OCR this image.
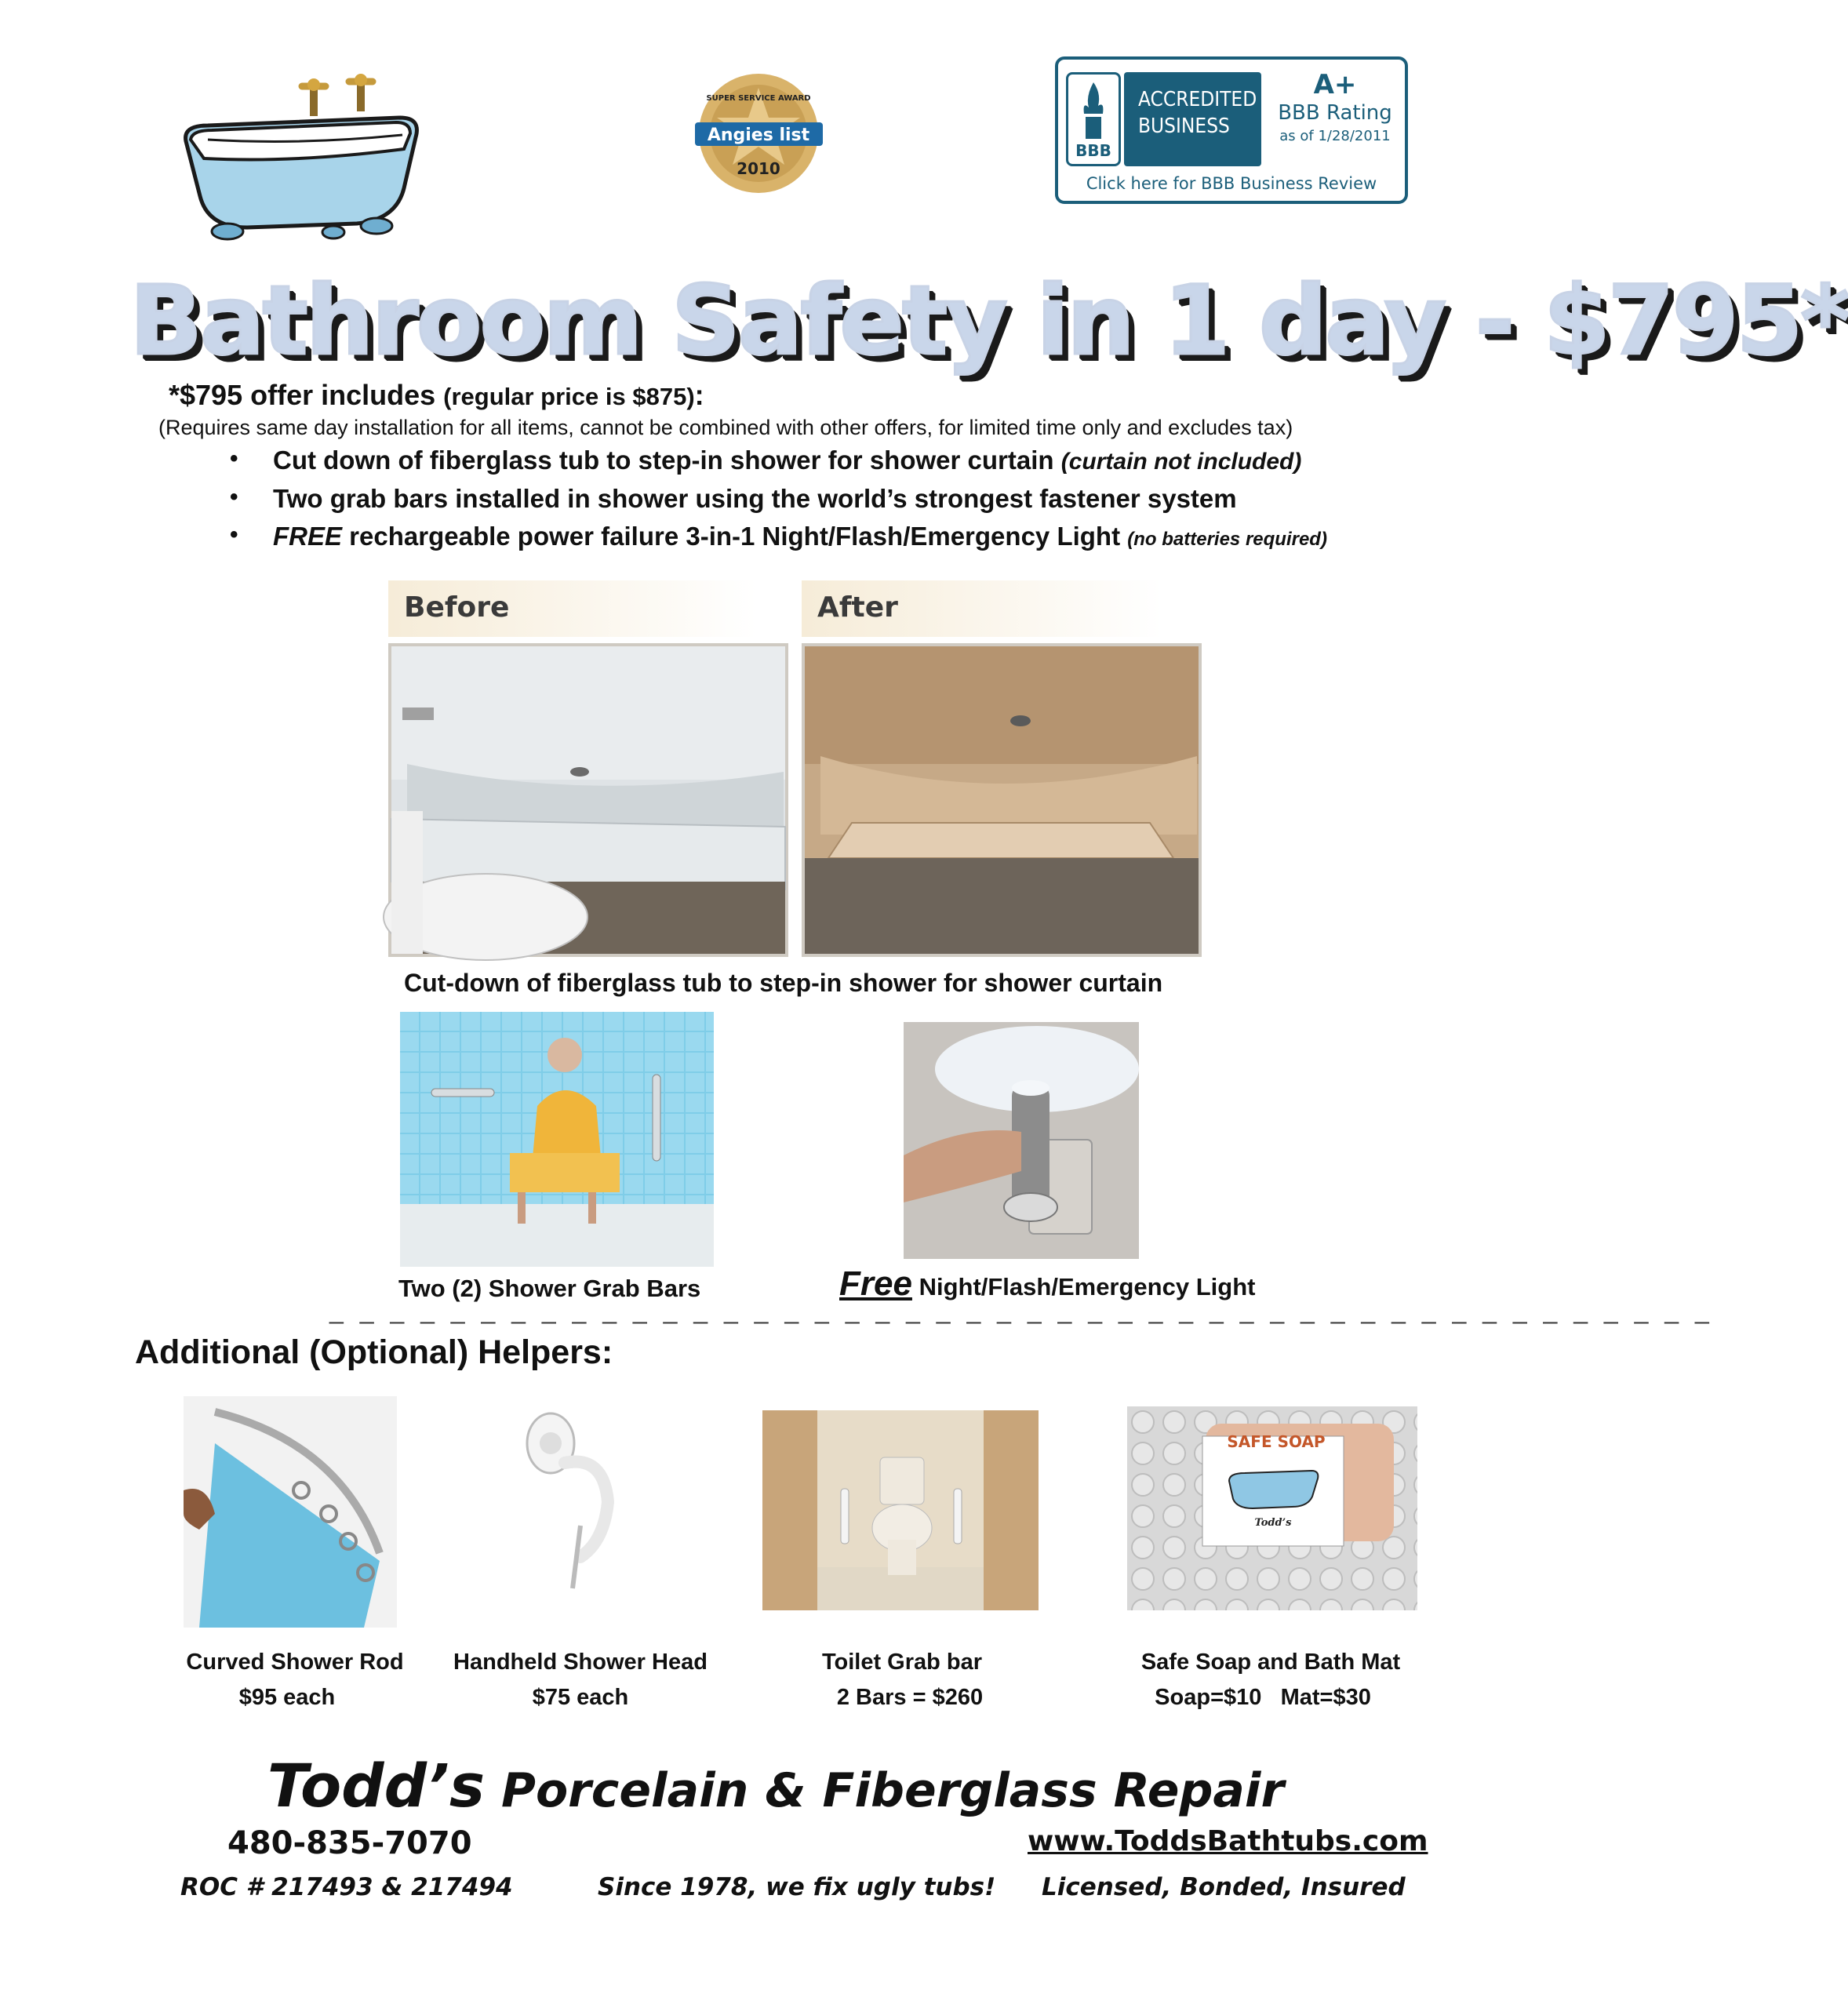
Angies list
2010
SUPER SERVICE AWARD
BBB
ACCREDITED
BUSINESS
A+
BBB Rating
as of 1/28/2011
Click here for BBB Business Review
Bathroom Safety in 1 day - $795*
*$795 offer includes (regular price is $875):
(Requires same day installation for all items, cannot be combined with other offers, for limited time only and excludes tax)
• Cut down of fiberglass tub to step-in shower for shower curtain (curtain not included)
• Two grab bars installed in shower using the world’s strongest fastener system
• FREE rechargeable power failure 3-in-1 Night/Flash/Emergency Light (no batteries required)
Before	After
Cut-down of fiberglass tub to step-in shower for shower curtain
Two (2) Shower Grab Bars	Free Night/Flash/Emergency Light
_ _ _ _ _ _ _ _ _ _ _ _ _ _ _ _ _ _ _ _ _ _ _ _ _ _ _ _ _ _ _ _ _ _ _ _ _ _ _ _ _ _ _ _ _ _
Additional (Optional) Helpers:
SAFE SOAP
Todd’s
Curved Shower Rod
$95 each
Handheld Shower Head
$75 each
Toilet Grab bar
2 Bars = $260
Safe Soap and Bath Mat
Soap=$10   Mat=$30
Todd’s Porcelain & Fiberglass Repair
480-835-7070	www.ToddsBathtubs.com
ROC # 217493 & 217494	Since 1978, we fix ugly tubs! Licensed, Bonded, Insured
